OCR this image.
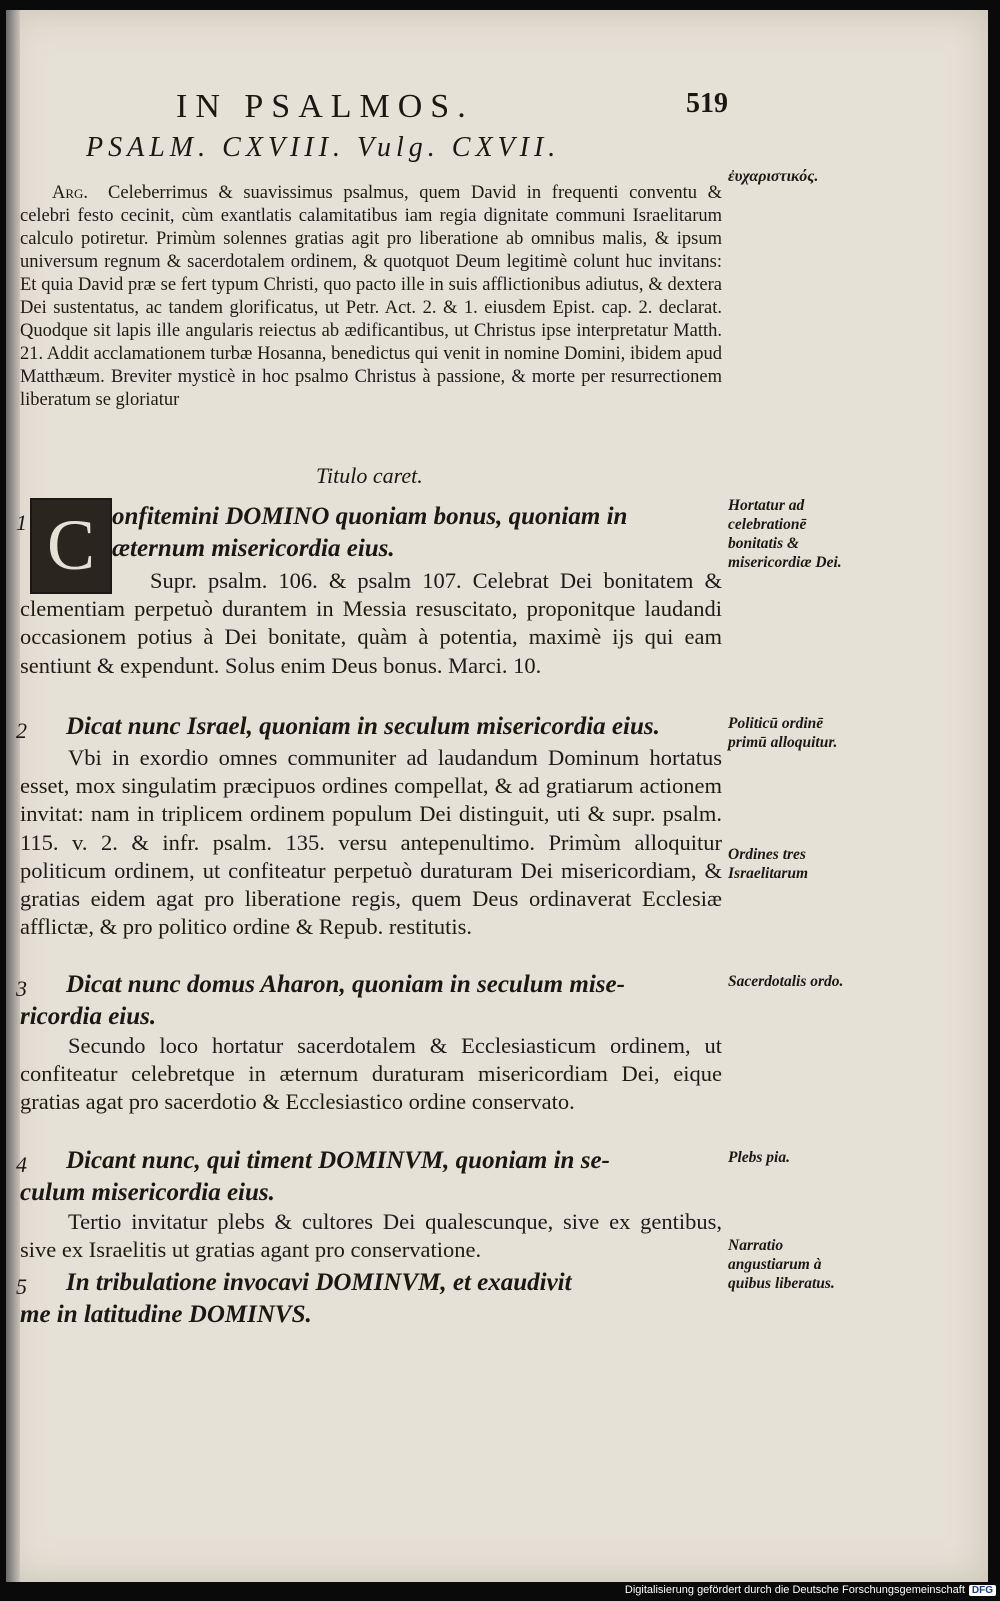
IN PSALMOS.	519
PSALM. CXVIII. Vulg. CXVII.
ἐυχαριστικός.
Arg. Celeberrimus & suavissimus psalmus, quem David in frequenti conventu & celebri festo cecinit, cùm exantlatis calamitatibus iam regia dignitate communi Israelitarum calculo potiretur. Primùm solennes gratias agit pro liberatione ab omnibus malis, & ipsum universum regnum & sacerdotalem ordinem, & quotquot Deum legitimè colunt huc invitans: Et quia David præ se fert typum Christi, quo pacto ille in suis afflictionibus adiutus, & dextera Dei sustentatus, ac tandem glorificatus, ut Petr. Act. 2. & 1. eiusdem Epist. cap. 2. declarat. Quodque sit lapis ille angularis reiectus ab ædificantibus, ut Christus ipse interpretatur Matth. 21. Addit acclamationem turbæ Hosanna, benedictus qui venit in nomine Domini, ibidem apud Matthæum. Breviter mysticè in hoc psalmo Christus à passione, & morte per resurrectionem liberatum se gloriatur
Titulo caret.
1 C onfitemini DOMINO quoniam bonus, quoniam in
æternum misericordia eius.
Supr. psalm. 106. & psalm 107. Celebrat Dei bonitatem & clementiam perpetuò durantem in Messia resuscitato, proponitque laudandi occasionem potius à Dei bonitate, quàm à potentia, maximè ijs qui eam sentiunt & expendunt. Solus enim Deus bonus. Marci. 10.
Hortatur ad celebrationē bonitatis & misericordiæ Dei.
2 Dicat nunc Israel, quoniam in seculum misericordia eius.
Vbi in exordio omnes communiter ad laudandum Dominum hortatus esset, mox singulatim præcipuos ordines compellat, & ad gratiarum actionem invitat: nam in triplicem ordinem populum Dei distinguit, uti & supr. psalm. 115. v. 2. & infr. psalm. 135. versu antepenultimo. Primùm alloquitur politicum ordinem, ut confiteatur perpetuò duraturam Dei misericordiam, & gratias eidem agat pro liberatione regis, quem Deus ordinaverat Ecclesiæ afflictæ, & pro politico ordine & Repub. restitutis.
Politicū ordinē primū alloquitur.
Ordines tres Israelitarum
3 Dicat nunc domus Aharon, quoniam in seculum mise-
ricordia eius.
Secundo loco hortatur sacerdotalem & Ecclesiasticum ordinem, ut confiteatur celebretque in æternum duraturam misericordiam Dei, eique gratias agat pro sacerdotio & Ecclesiastico ordine conservato.
Sacerdotalis ordo.
4 Dicant nunc, qui timent DOMINVM, quoniam in se-
culum misericordia eius.
Tertio invitatur plebs & cultores Dei qualescunque, sive ex gentibus, sive ex Israelitis ut gratias agant pro conservatione.
Plebs pia.
5 In tribulatione invocavi DOMINVM, et exaudivit
me in latitudine DOMINVS.
Narratio angustiarum à quibus liberatus.
Digitalisierung gefördert durch die Deutsche Forschungsgemeinschaft DFG
